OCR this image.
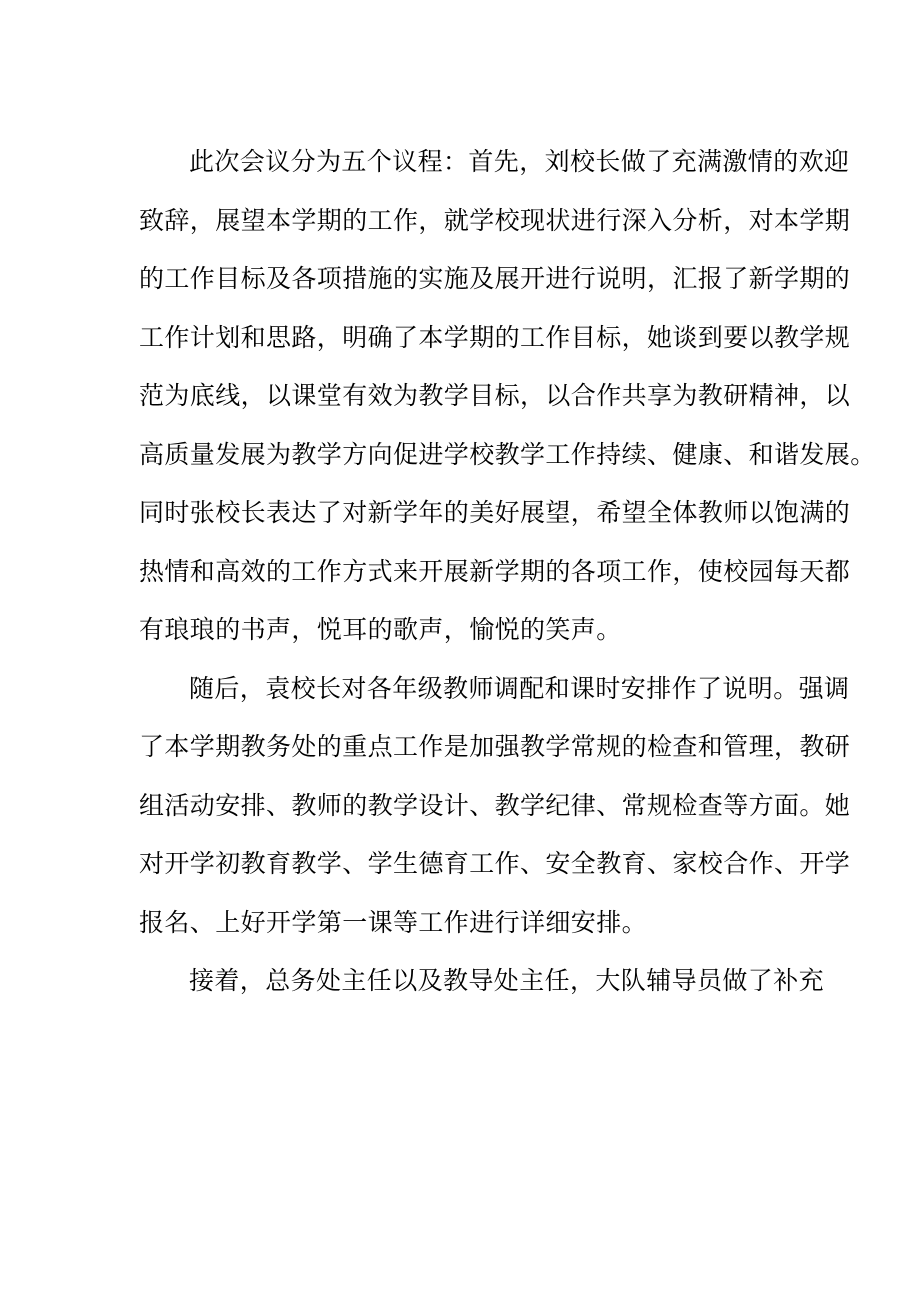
此次会议分为五个议程：首先，刘校长做了充满激情的欢迎
致辞，展望本学期的工作，就学校现状进行深入分析，对本学期
的工作目标及各项措施的实施及展开进行说明，汇报了新学期的
工作计划和思路，明确了本学期的工作目标，她谈到要以教学规
范为底线，以课堂有效为教学目标，以合作共享为教研精神，以
高质量发展为教学方向促进学校教学工作持续、健康、和谐发展。
同时张校长表达了对新学年的美好展望，希望全体教师以饱满的
热情和高效的工作方式来开展新学期的各项工作，使校园每天都
有琅琅的书声，悦耳的歌声，愉悦的笑声。
随后，袁校长对各年级教师调配和课时安排作了说明。强调
了本学期教务处的重点工作是加强教学常规的检查和管理，教研
组活动安排、教师的教学设计、教学纪律、常规检查等方面。她
对开学初教育教学、学生德育工作、安全教育、家校合作、开学
报名、上好开学第一课等工作进行详细安排。
接着，总务处主任以及教导处主任，大队辅导员做了补充
